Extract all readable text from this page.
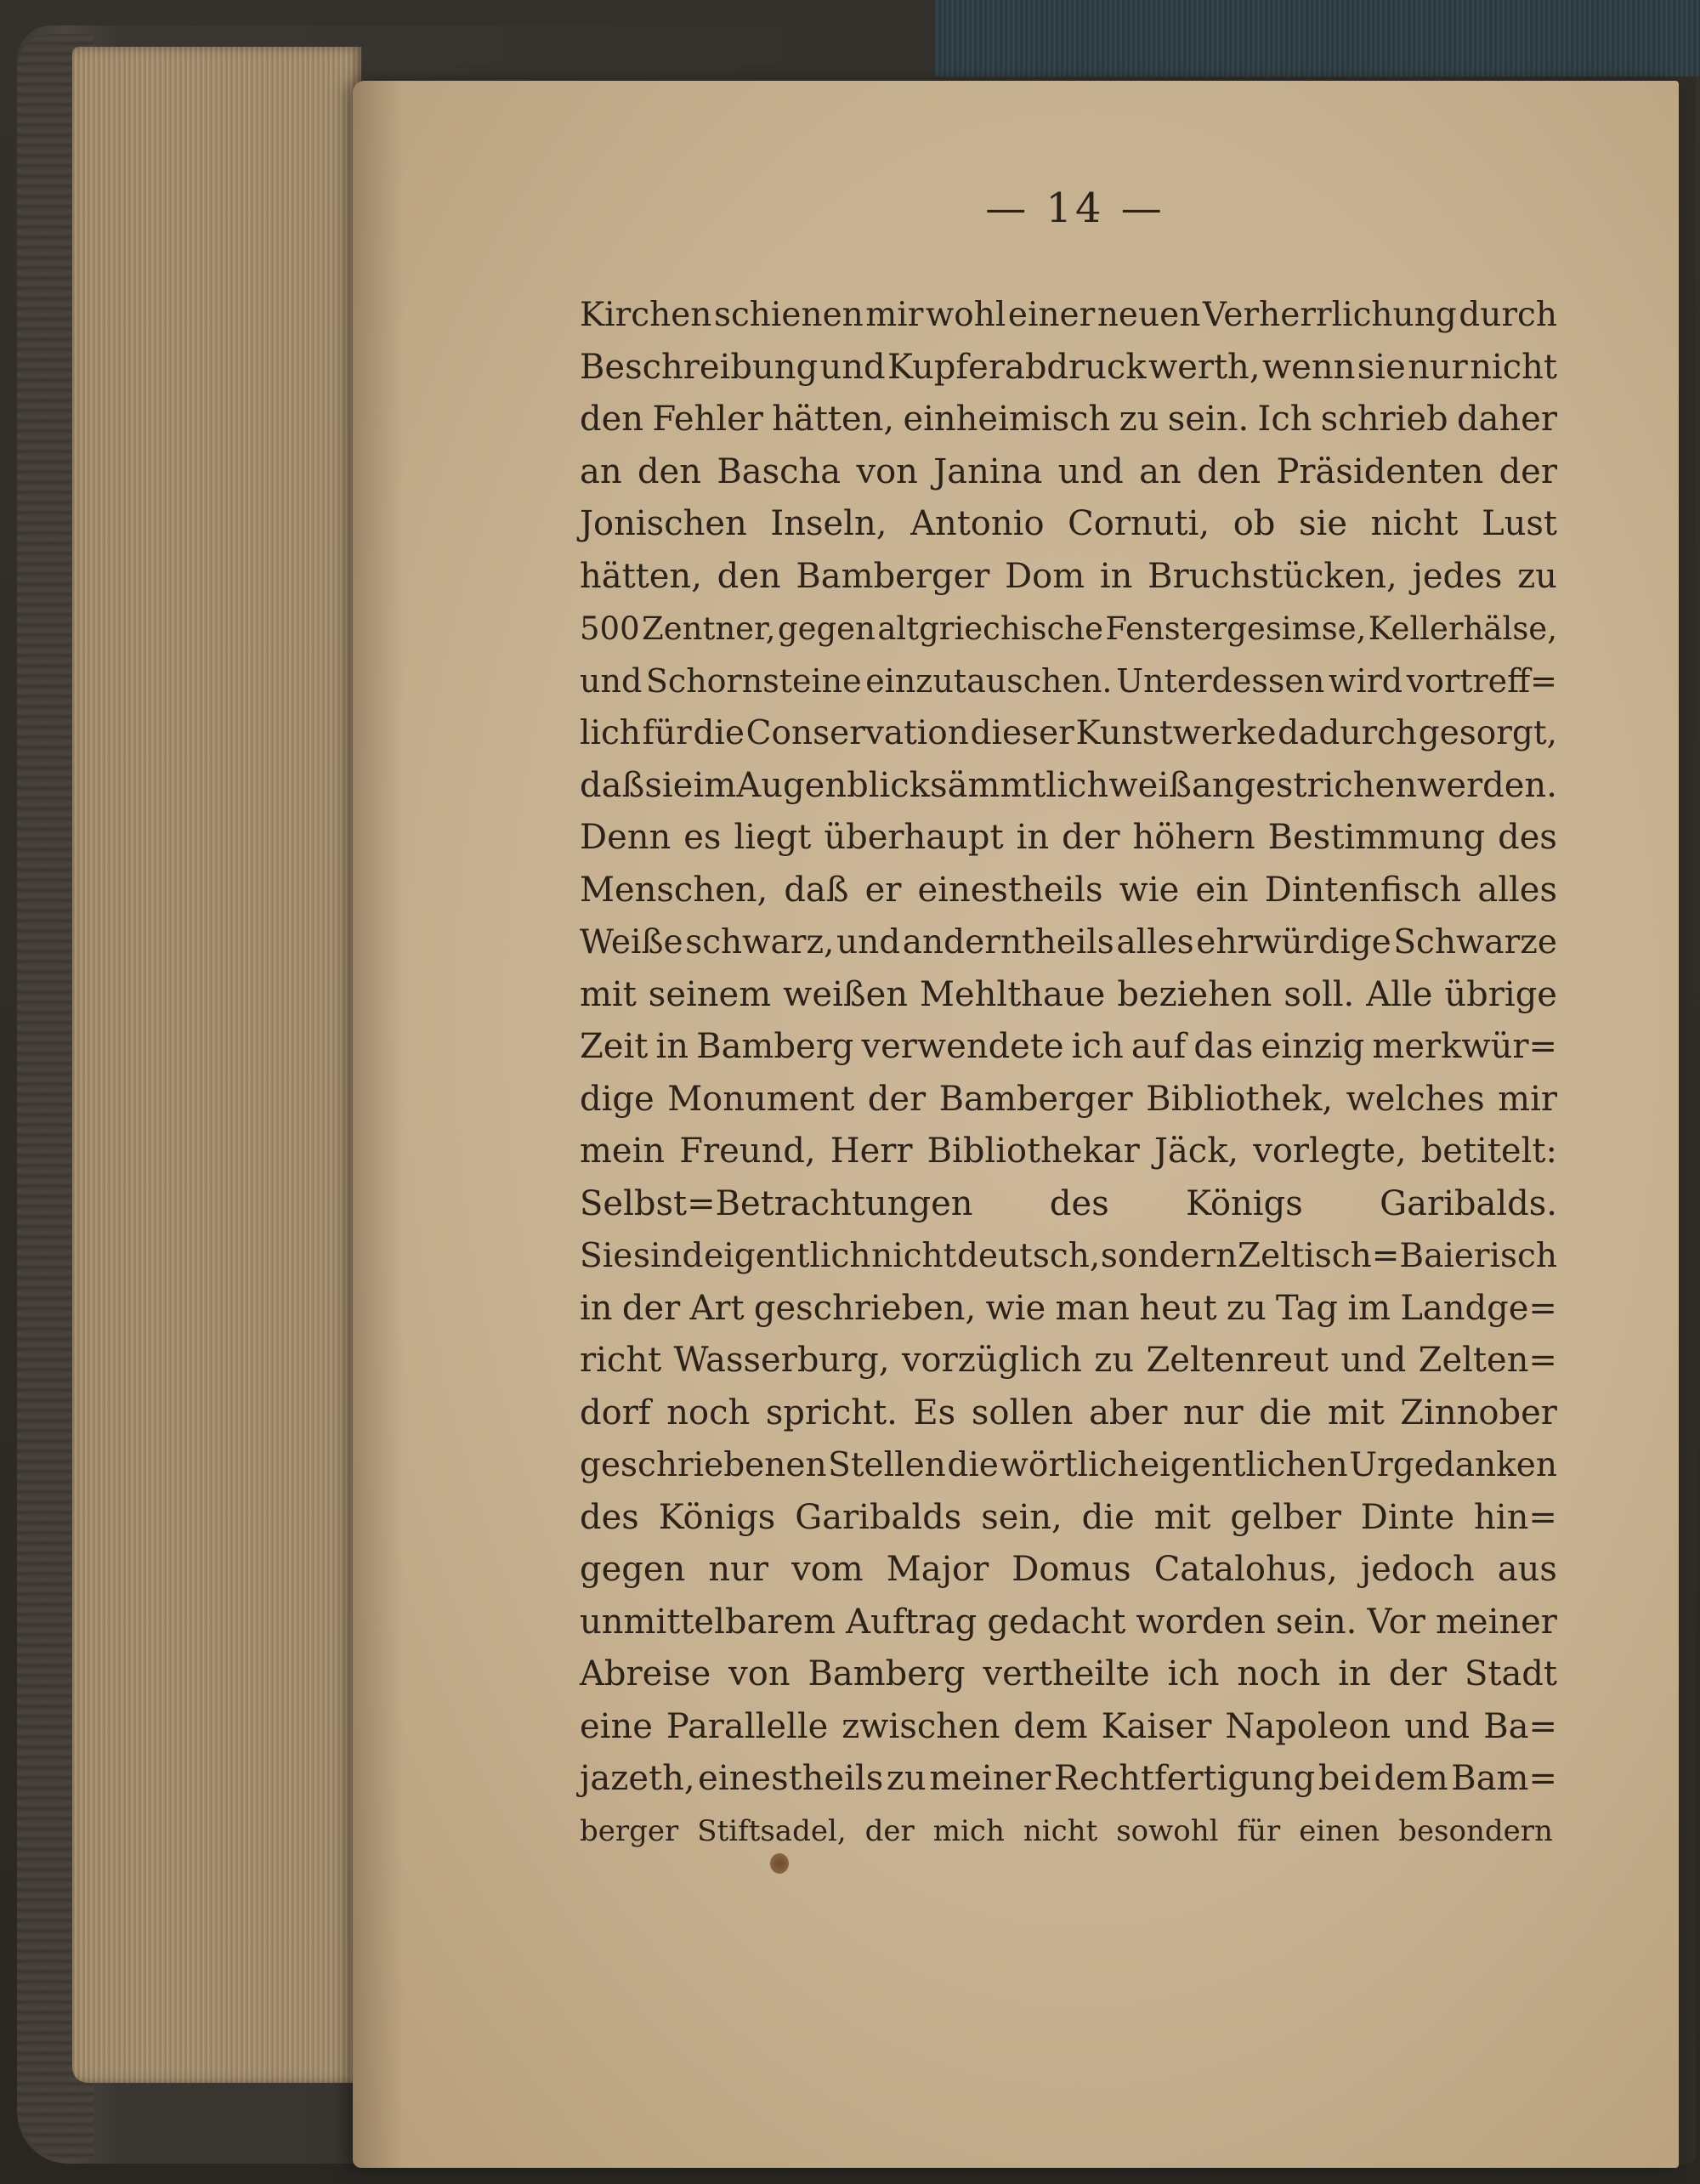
— 14 —
Kirchen schienen mir wohl einer neuen Verherrlichung durch
Beschreibung und Kupferabdruck werth, wenn sie nur nicht
den Fehler hätten, einheimisch zu sein. Ich schrieb daher
an den Bascha von Janina und an den Präsidenten der
Jonischen Inseln, Antonio Cornuti, ob sie nicht Lust
hätten, den Bamberger Dom in Bruchstücken, jedes zu
500 Zentner, gegen altgriechische Fenstergesimse, Kellerhälse,
und Schornsteine einzutauschen. Unterdessen wird vortreff=
lich für die Conservation dieser Kunstwerke dadurch gesorgt,
daß sie im Augenblick sämmtlich weiß angestrichen werden.
Denn es liegt überhaupt in der höhern Bestimmung des
Menschen, daß er einestheils wie ein Dintenfisch alles
Weiße schwarz, und anderntheils alles ehrwürdige Schwarze
mit seinem weißen Mehlthaue beziehen soll. Alle übrige
Zeit in Bamberg verwendete ich auf das einzig merkwür=
dige Monument der Bamberger Bibliothek, welches mir
mein Freund, Herr Bibliothekar Jäck, vorlegte, betitelt:
Selbst=Betrachtungen des Königs Garibalds.
Sie sind eigentlich nicht deutsch, sondern Zeltisch=Baierisch
in der Art geschrieben, wie man heut zu Tag im Landge=
richt Wasserburg, vorzüglich zu Zeltenreut und Zelten=
dorf noch spricht. Es sollen aber nur die mit Zinnober
geschriebenen Stellen die wörtlich eigentlichen Urgedanken
des Königs Garibalds sein, die mit gelber Dinte hin=
gegen nur vom Major Domus Catalohus, jedoch aus
unmittelbarem Auftrag gedacht worden sein. Vor meiner
Abreise von Bamberg vertheilte ich noch in der Stadt
eine Parallelle zwischen dem Kaiser Napoleon und Ba=
jazeth, einestheils zu meiner Rechtfertigung bei dem Bam=
berger Stiftsadel, der mich nicht sowohl für einen besondern
